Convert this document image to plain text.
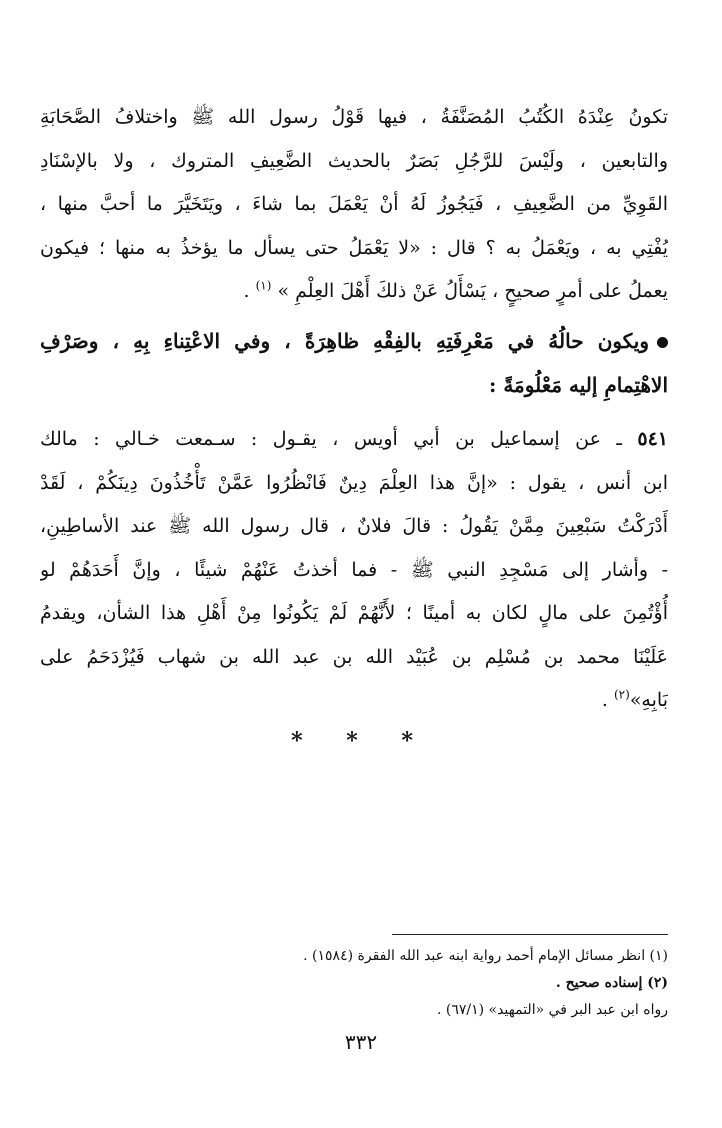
تكونُ عِنْدَهُ الكُتُبُ المُصَنَّفَةُ ، فيها قَوْلُ رسول الله ﷺ واختلافُ الصَّحَابَةِ
والتابعين ، ولَيْسَ للرَّجُلِ بَصَرٌ بالحديث الضَّعِيفِ المتروك ، ولا بالإسْنَادِ
القَوِيِّ من الضَّعِيفِ ، فَيَجُوزُ لَهُ أنْ يَعْمَلَ بما شاءَ ، ويَتَخَيَّرَ ما أحبَّ منها ،
يُفْتِي به ، ويَعْمَلُ به ؟ قال : «لا يَعْمَلُ حتى يسأل ما يؤخذُ به منها ؛ فيكون
يعملُ على أمرٍ صحيحٍ ، يَسْأَلُ عَنْ ذلكَ أَهْلَ العِلْمِ » $^{(١)}$ .
ويكون حالُهُ في مَعْرِفَتِهِ بالفِقْهِ ظاهِرَةً ، وفي الاعْتِناءِ بِهِ ، وصَرْفِ
الاهْتِمامِ إليه مَعْلُومَةً :
٥٤١ ـ عن إسماعيل بن أبي أويس ، يقـول : سـمعت خـالي : مالك
ابن أنس ، يقول : «إنَّ هذا العِلْمَ دِينٌ فَانْظُرُوا عَمَّنْ تَأْخُذُونَ دِينَكُمْ ، لَقَدْ
أَدْرَكْتُ سَبْعِينَ مِمَّنْ يَقُولُ : قالَ فلانٌ ، قال رسول الله ﷺ عند الأساطِينِ،
- وأشار إلى مَسْجِدِ النبي ﷺ - فما أخذتُ عَنْهُمْ شيئًا ، وإنَّ أَحَدَهُمْ لو
أُؤْتُمِنَ على مالٍ لكان به أمينًا ؛ لأَنَّهُمْ لَمْ يَكُونُوا مِنْ أَهْلِ هذا الشأن، ويقدمُ
عَلَيْنَا محمد بن مُسْلِم بن عُبَيْد الله بن عبد الله بن شهاب فَيُزْدَحَمُ على
بَابِهِ»$^{(٢)}$ .
* * *
(١) انظر مسائل الإمام أحمد رواية ابنه عبد الله الفقرة (١٥٨٤) .
(٢) إسناده صحيح .
رواه ابن عبد البر في «التمهيد» (٦٧/١) .
٣٣٢
